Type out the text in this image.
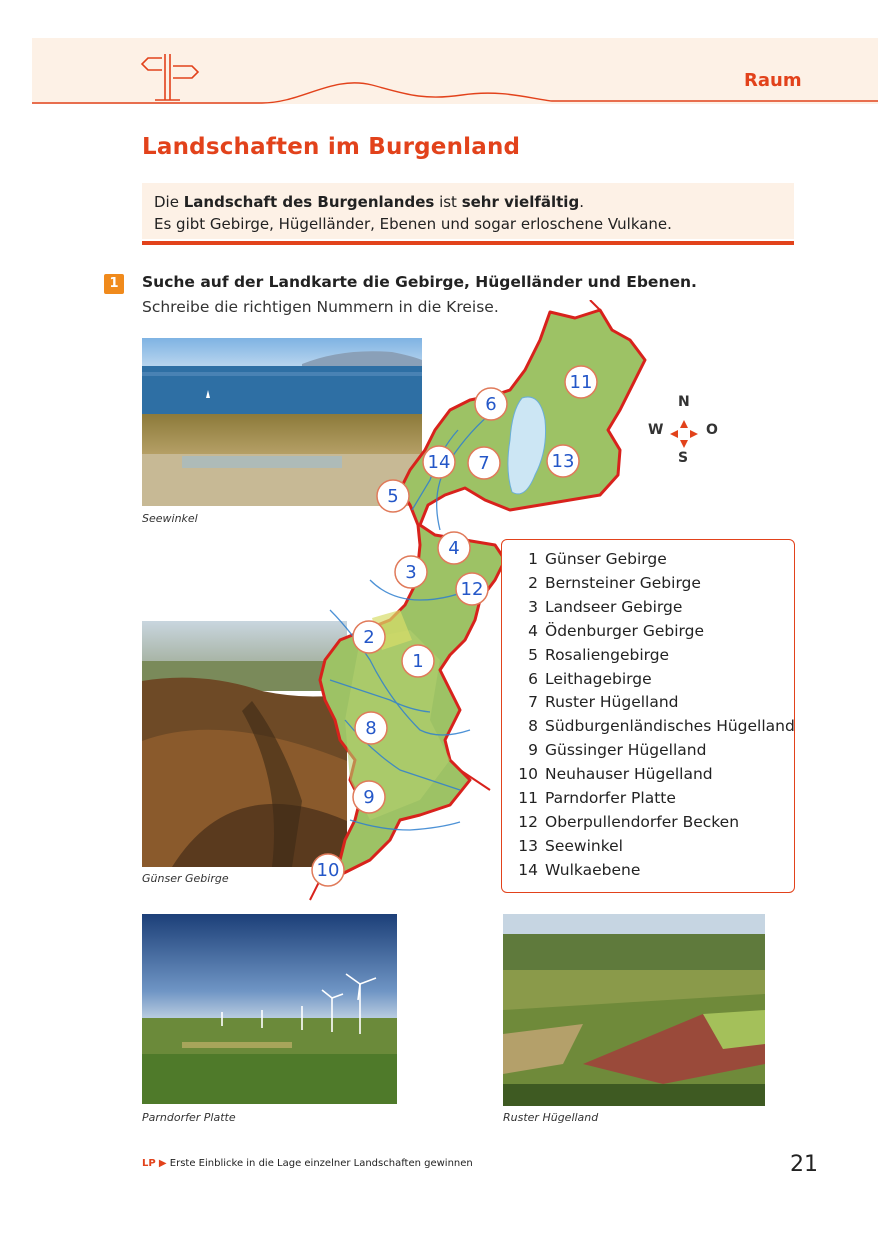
Raum
Landschaften im Burgenland
Die Landschaft des Burgenlandes ist sehr vielfältig.
Es gibt Gebirge, Hügelländer, Ebenen und sogar erloschene Vulkane.
1	Suche auf der Landkarte die Gebirge, Hügelländer und Ebenen.
Schreibe die richtigen Nummern in die Kreise.
Seewinkel
Günser Gebirge
Parndorfer Platte	Ruster Hügelland
11
6
14 7	13
5
4
3
12
2
1
8
9
10
N
W	O
S
1 Günser Gebirge
2 Bernsteiner Gebirge
3 Landseer Gebirge
4 Ödenburger Gebirge
5 Rosaliengebirge
6 Leithagebirge
7 Ruster Hügelland
8 Südburgenländisches Hügelland
9 Güssinger Hügelland
10 Neuhauser Hügelland
11 Parndorfer Platte
12 Oberpullendorfer Becken
13 Seewinkel
14 Wulkaebene
LP ▶ Erste Einblicke in die Lage einzelner Landschaften gewinnen	21
